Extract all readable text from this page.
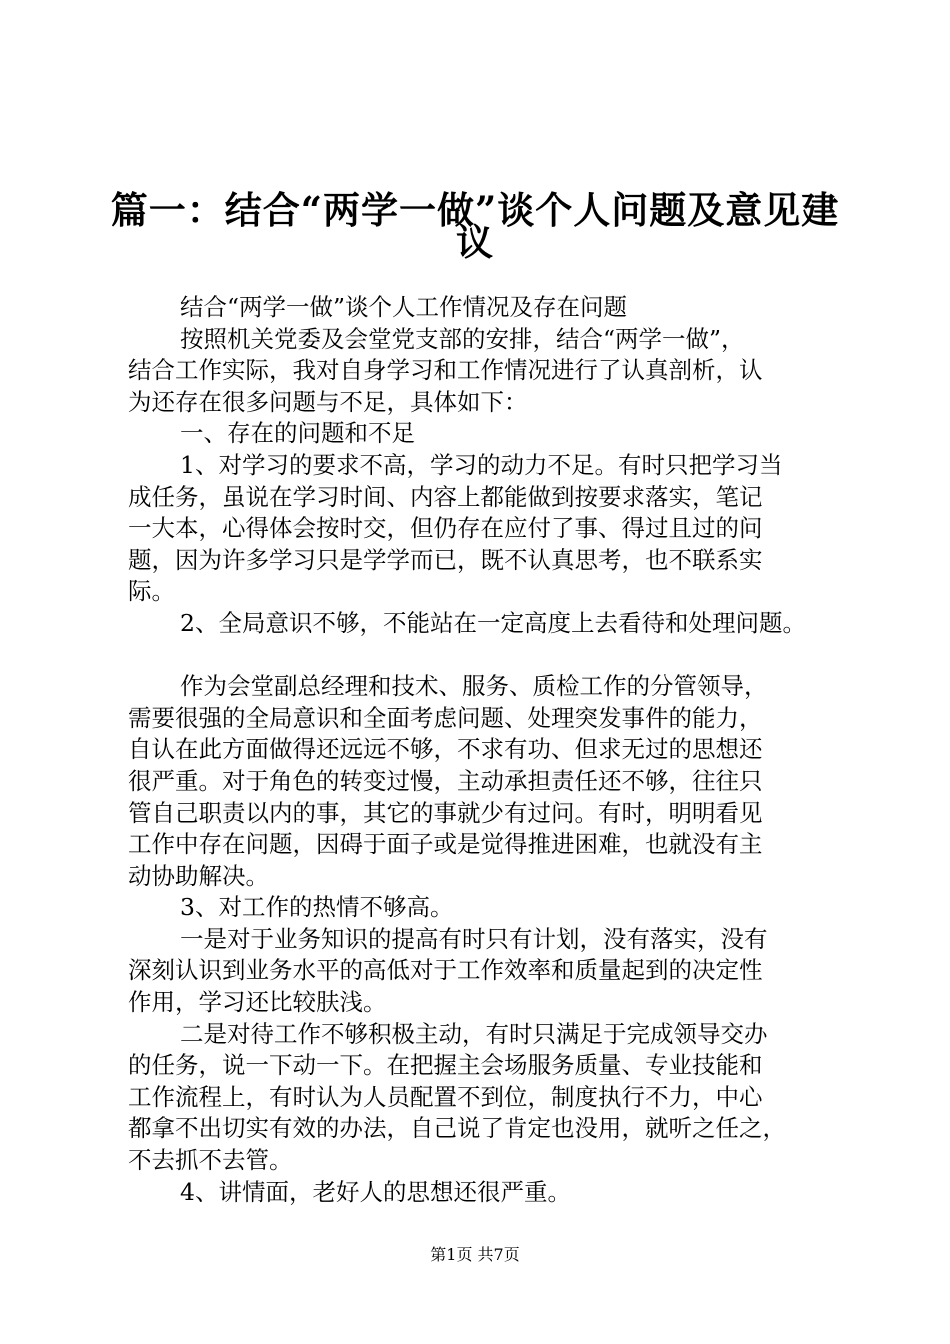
篇一：结合“两学一做”谈个人问题及意见建
议
结合“两学一做”谈个人工作情况及存在问题
按照机关党委及会堂党支部的安排，结合“两学一做”，
结合工作实际，我对自身学习和工作情况进行了认真剖析，认
为还存在很多问题与不足，具体如下：
一、存在的问题和不足
1、对学习的要求不高，学习的动力不足。有时只把学习当
成任务，虽说在学习时间、内容上都能做到按要求落实，笔记
一大本，心得体会按时交，但仍存在应付了事、得过且过的问
题，因为许多学习只是学学而已，既不认真思考，也不联系实
际。
2、全局意识不够，不能站在一定高度上去看待和处理问题。
作为会堂副总经理和技术、服务、质检工作的分管领导，
需要很强的全局意识和全面考虑问题、处理突发事件的能力，
自认在此方面做得还远远不够，不求有功、但求无过的思想还
很严重。对于角色的转变过慢，主动承担责任还不够，往往只
管自己职责以内的事，其它的事就少有过问。有时，明明看见
工作中存在问题，因碍于面子或是觉得推进困难，也就没有主
动协助解决。
3、对工作的热情不够高。
一是对于业务知识的提高有时只有计划，没有落实，没有
深刻认识到业务水平的高低对于工作效率和质量起到的决定性
作用，学习还比较肤浅。
二是对待工作不够积极主动，有时只满足于完成领导交办
的任务，说一下动一下。在把握主会场服务质量、专业技能和
工作流程上，有时认为人员配置不到位，制度执行不力，中心
都拿不出切实有效的办法，自己说了肯定也没用，就听之任之，
不去抓不去管。
4、讲情面，老好人的思想还很严重。
第1页 共7页
